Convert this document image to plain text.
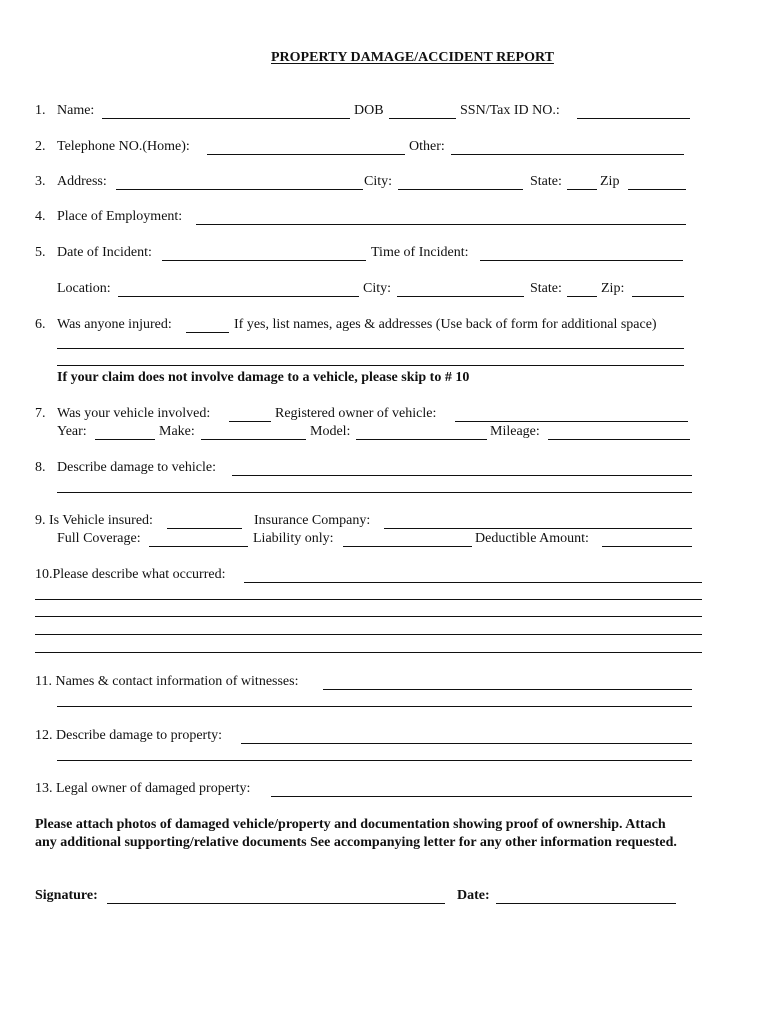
PROPERTY DAMAGE/ACCIDENT REPORT
1. Name:	DOB	SSN/Tax ID NO.:
2. Telephone NO.(Home):	Other:
3. Address:	City:	State:	Zip
4. Place of Employment:
5. Date of Incident:	Time of Incident:
Location:	City:	State:	Zip:
6. Was anyone injured:	If yes, list names, ages & addresses (Use back of form for additional space)
If your claim does not involve damage to a vehicle, please skip to # 10
7. Was your vehicle involved:	Registered owner of vehicle:
Year:	Make:	Model:	Mileage:
8. Describe damage to vehicle:
9. Is Vehicle insured:	Insurance Company:
Full Coverage:	Liability only:	Deductible Amount:
10.Please describe what occurred:
11. Names & contact information of witnesses:
12. Describe damage to property:
13. Legal owner of damaged property:
Please attach photos of damaged vehicle/property and documentation showing proof of ownership. Attach
any additional supporting/relative documents See accompanying letter for any other information requested.
Signature:	Date:
